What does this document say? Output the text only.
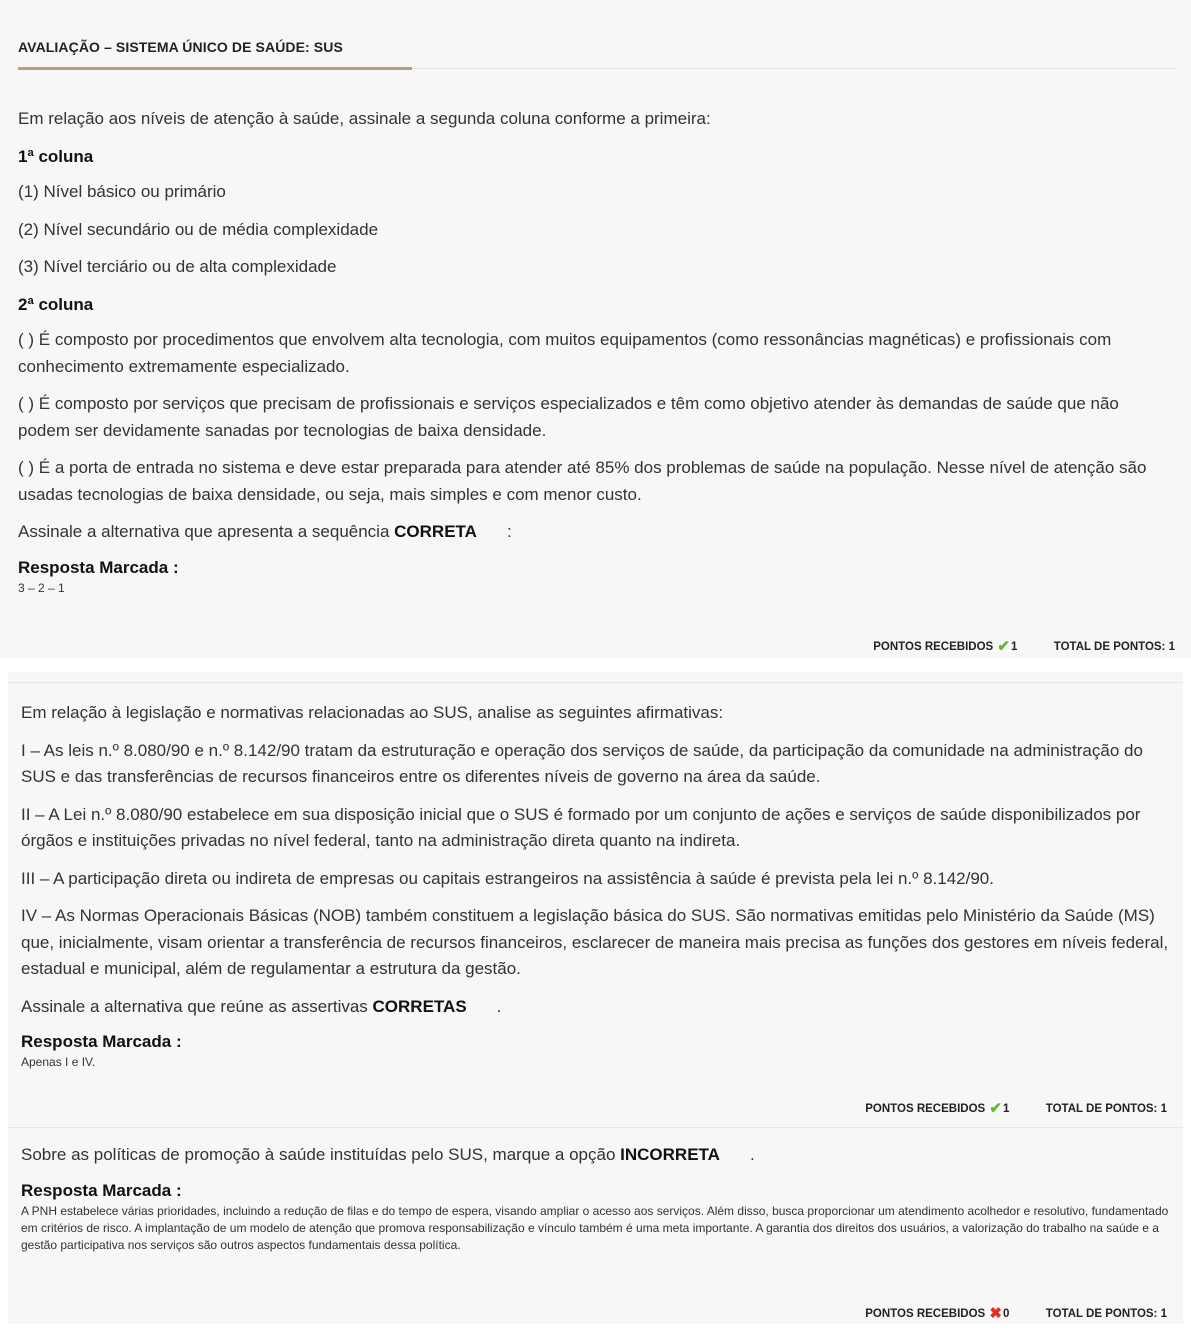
AVALIAÇÃO – SISTEMA ÚNICO DE SAÚDE: SUS

Em relação aos níveis de atenção à saúde, assinale a segunda coluna conforme a primeira:

1ª coluna

(1) Nível básico ou primário

(2) Nível secundário ou de média complexidade

(3) Nível terciário ou de alta complexidade

2ª coluna

( ) É composto por procedimentos que envolvem alta tecnologia, com muitos equipamentos (como ressonâncias magnéticas) e profissionais com conhecimento extremamente especializado.

( ) É composto por serviços que precisam de profissionais e serviços especializados e têm como objetivo atender às demandas de saúde que não podem ser devidamente sanadas por tecnologias de baixa densidade.

( ) É a porta de entrada no sistema e deve estar preparada para atender até 85% dos problemas de saúde na população. Nesse nível de atenção são usadas tecnologias de baixa densidade, ou seja, mais simples e com menor custo.

Assinale a alternativa que apresenta a sequência CORRETA :

Resposta Marcada :
3 – 2 – 1
PONTOS RECEBIDOS ✔1	TOTAL DE PONTOS: 1

Em relação à legislação e normativas relacionadas ao SUS, analise as seguintes afirmativas:

I – As leis n.º 8.080/90 e n.º 8.142/90 tratam da estruturação e operação dos serviços de saúde, da participação da comunidade na administração do SUS e das transferências de recursos financeiros entre os diferentes níveis de governo na área da saúde.

II – A Lei n.º 8.080/90 estabelece em sua disposição inicial que o SUS é formado por um conjunto de ações e serviços de saúde disponibilizados por órgãos e instituições privadas no nível federal, tanto na administração direta quanto na indireta.

III – A participação direta ou indireta de empresas ou capitais estrangeiros na assistência à saúde é prevista pela lei n.º 8.142/90.

IV – As Normas Operacionais Básicas (NOB) também constituem a legislação básica do SUS. São normativas emitidas pelo Ministério da Saúde (MS) que, inicialmente, visam orientar a transferência de recursos financeiros, esclarecer de maneira mais precisa as funções dos gestores em níveis federal, estadual e municipal, além de regulamentar a estrutura da gestão.

Assinale a alternativa que reúne as assertivas CORRETAS .

Resposta Marcada :
Apenas I e IV.
PONTOS RECEBIDOS ✔1	TOTAL DE PONTOS: 1

Sobre as políticas de promoção à saúde instituídas pelo SUS, marque a opção INCORRETA .

Resposta Marcada :
A PNH estabelece várias prioridades, incluindo a redução de filas e do tempo de espera, visando ampliar o acesso aos serviços. Além disso, busca proporcionar um atendimento acolhedor e resolutivo, fundamentado em critérios de risco. A implantação de um modelo de atenção que promova responsabilização e vínculo também é uma meta importante. A garantia dos direitos dos usuários, a valorização do trabalho na saúde e a gestão participativa nos serviços são outros aspectos fundamentais dessa política.
PONTOS RECEBIDOS ✖0	TOTAL DE PONTOS: 1
